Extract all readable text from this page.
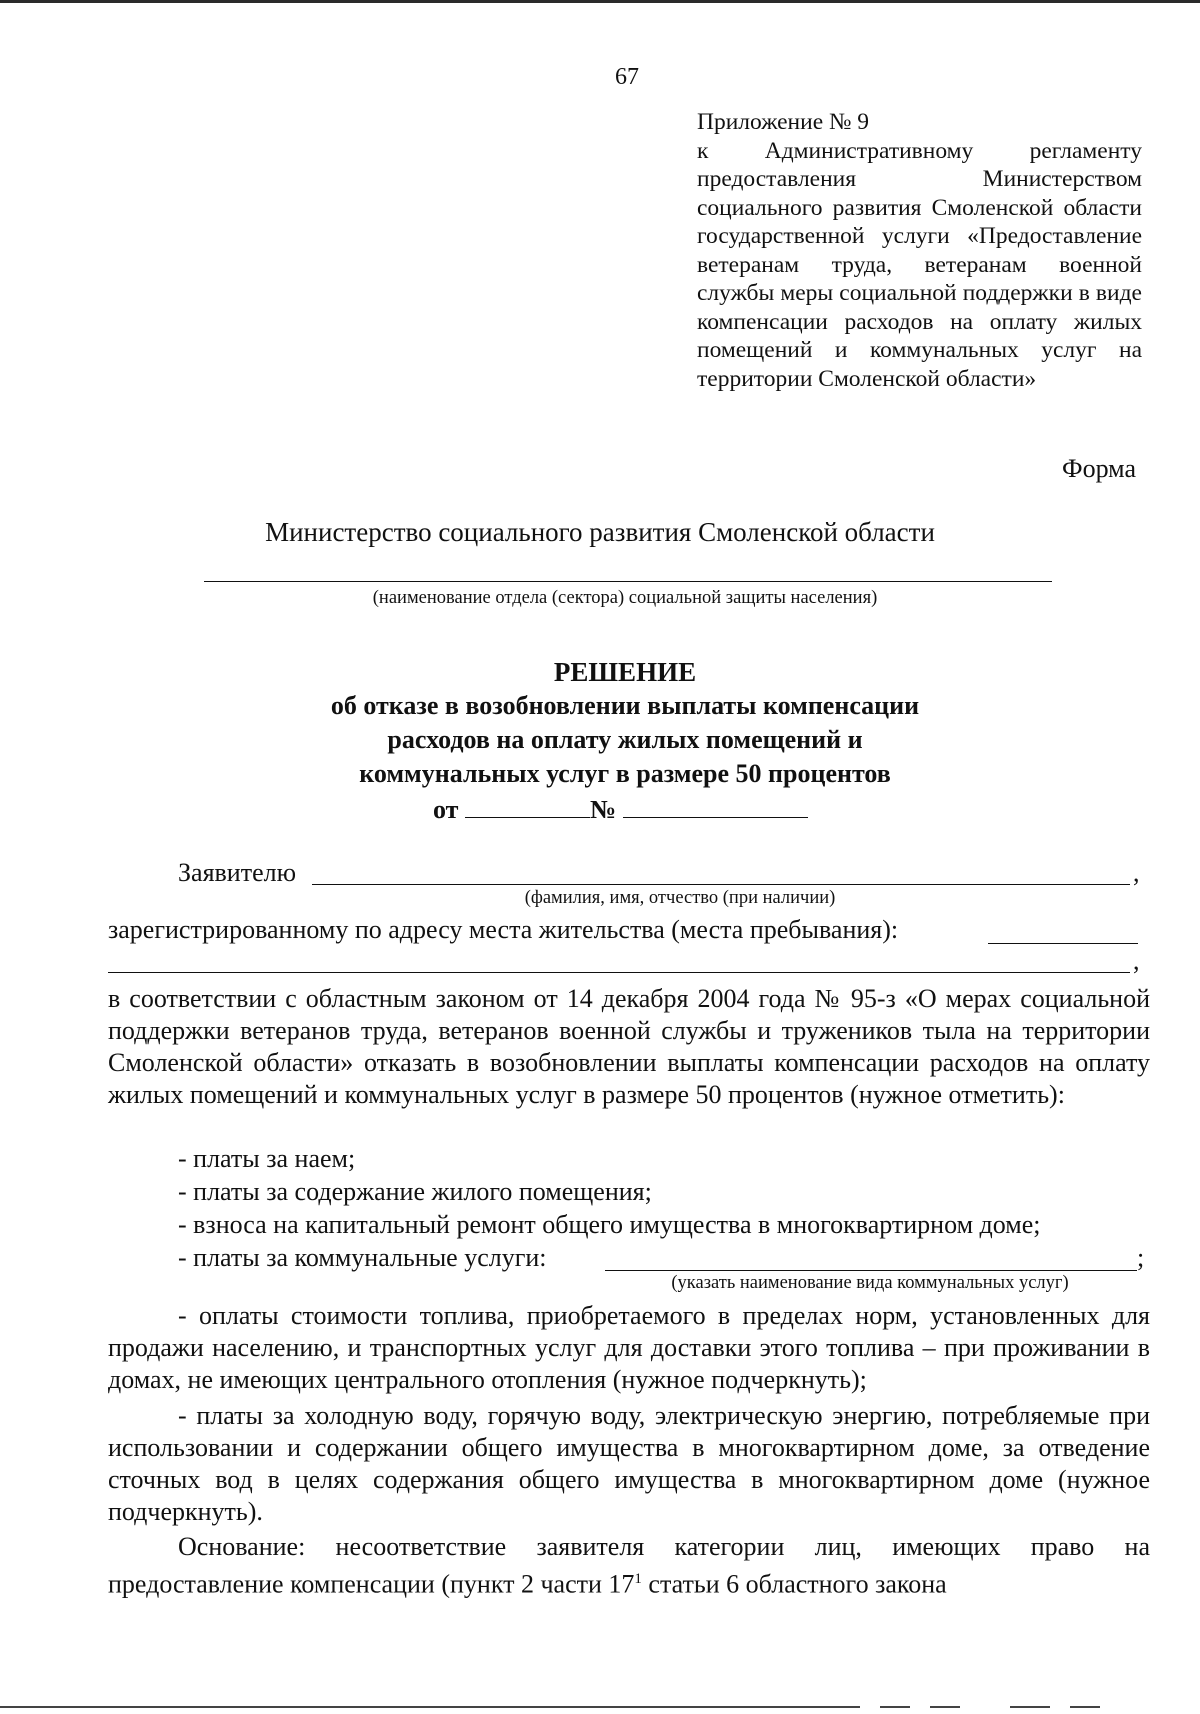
67
Приложение № 9
к Административному регламенту предоставления Министерством социального развития Смоленской области государственной услуги «Предоставление ветеранам труда, ветеранам военной службы меры социальной поддержки в виде компенсации расходов на оплату жилых помещений и коммунальных услуг на территории Смоленской области»
Форма
Министерство социального развития Смоленской области
(наименование отдела (сектора) социальной защиты населения)
РЕШЕНИЕ
об отказе в возобновлении выплаты компенсации
расходов на оплату жилых помещений и
коммунальных услуг в размере 50 процентов
от	№
Заявителю	,
(фамилия, имя, отчество (при наличии)
зарегистрированному по адресу места жительства (места пребывания):
,
в соответствии с областным законом от 14 декабря 2004 года № 95-з «О мерах социальной поддержки ветеранов труда, ветеранов военной службы и тружеников тыла на территории Смоленской области» отказать в возобновлении выплаты компенсации расходов на оплату жилых помещений и коммунальных услуг в размере 50 процентов (нужное отметить):
- платы за наем;
- платы за содержание жилого помещения;
- взноса на капитальный ремонт общего имущества в многоквартирном доме;
- платы за коммунальные услуги:	;
(указать наименование вида коммунальных услуг)
- оплаты стоимости топлива, приобретаемого в пределах норм, установленных для продажи населению, и транспортных услуг для доставки этого топлива – при проживании в домах, не имеющих центрального отопления (нужное подчеркнуть);
- платы за холодную воду, горячую воду, электрическую энергию, потребляемые при использовании и содержании общего имущества в многоквартирном доме, за отведение сточных вод в целях содержания общего имущества в многоквартирном доме (нужное подчеркнуть).
Основание: несоответствие заявителя категории лиц, имеющих право на предоставление компенсации (пункт 2 части $17^1$ статьи 6 областного закона
